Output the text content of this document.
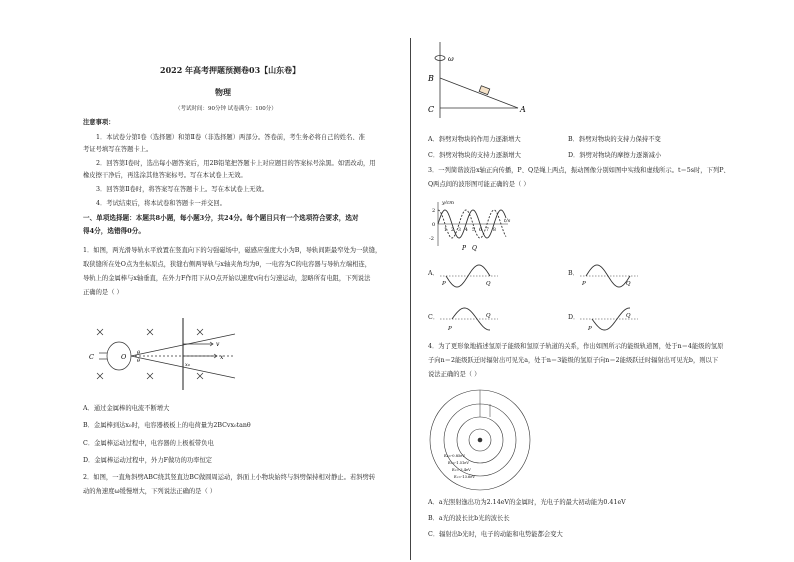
2022 年高考押题预测卷03【山东卷】
物理
（考试时间：90分钟 试卷满分：100分）
注意事项：
1．本试卷分第Ⅰ卷（选择题）和第Ⅱ卷（非选择题）两部分。答卷前，考生务必将自己的姓名、准
考证号填写在答题卡上。
2．回答第Ⅰ卷时，选出每小题答案后，用2B铅笔把答题卡上对应题目的答案标号涂黑。如需改动，用
橡皮擦干净后，再选涂其他答案标号。写在本试卷上无效。
3．回答第Ⅱ卷时，将答案写在答题卡上。写在本试卷上无效。
4．考试结束后，将本试卷和答题卡一并交回。
一、单项选择题：本题共8小题，每小题3分，共24分。每个题目只有一个选项符合要求，选对
得4分，选错得0分。
1．如图，两光滑导轨水平放置在竖直向下的匀强磁场中，磁感应强度大小为B，导轨间距最窄处为一狭缝，
取狭缝所在处O点为坐标原点，狭缝右侧两导轨与x轴夹角均为θ，一电容为C的电容器与导轨左端相连，
导轨上的金属棒与x轴垂直，在外力F作用下从O点开始以速度v向右匀速运动，忽略所有电阻，下列说法
正确的是（ ）
C	O θ
θ
v
x
x₀
A．通过金属棒的电流不断增大
B．金属棒到达x₀时，电容器极板上的电荷量为2BCvx₀tanθ
C．金属棒运动过程中，电容器的上极板带负电
D．金属棒运动过程中，外力F做功的功率恒定
2．如图，一直角斜劈ABC绕其竖直边BC做圆周运动，斜面上小物块始终与斜劈保持相对静止。若斜劈转
动的角速度ω缓慢增大，下列说法正确的是（ ）
ω
B
C	A
A．斜劈对物块的作用力逐渐增大	B．斜劈对物块的支持力保持不变
C．斜劈对物块的支持力逐渐增大	D．斜劈对物块的摩擦力逐渐减小
3．一列简谐波沿x轴正向传播，P、Q是绳上两点，振动图像分别如图中实线和虚线所示。t＝5s时，下列P、
Q两点间的波形图可能正确的是（ ）
y/cm
t/s
2
0
-2
1 2 3 4 5 6 7 8
P Q
A．
P	Q
B．
P	Q
C．
P
Q	D．
P
Q
4．为了更形象地描述氢原子能级和氢原子轨道的关系，作出如图所示的能级轨道图，处于n＝4能级的氢原
子向n＝2能级跃迁时辐射出可见光a，处于n＝3能级的氢原子向n＝2能级跃迁时辐射出可见光b，则以下
说法正确的是（ ）
E₄=-0.85eV
E₃=-1.51eV
E₂=-3.4eV
E₁=-13.6eV
A．a光照射逸出功为2.14eV的金属时，光电子的最大初动能为0.41eV
B．a光的波长比b光的波长长
C．辐射出b光时，电子的动能和电势能都会变大
